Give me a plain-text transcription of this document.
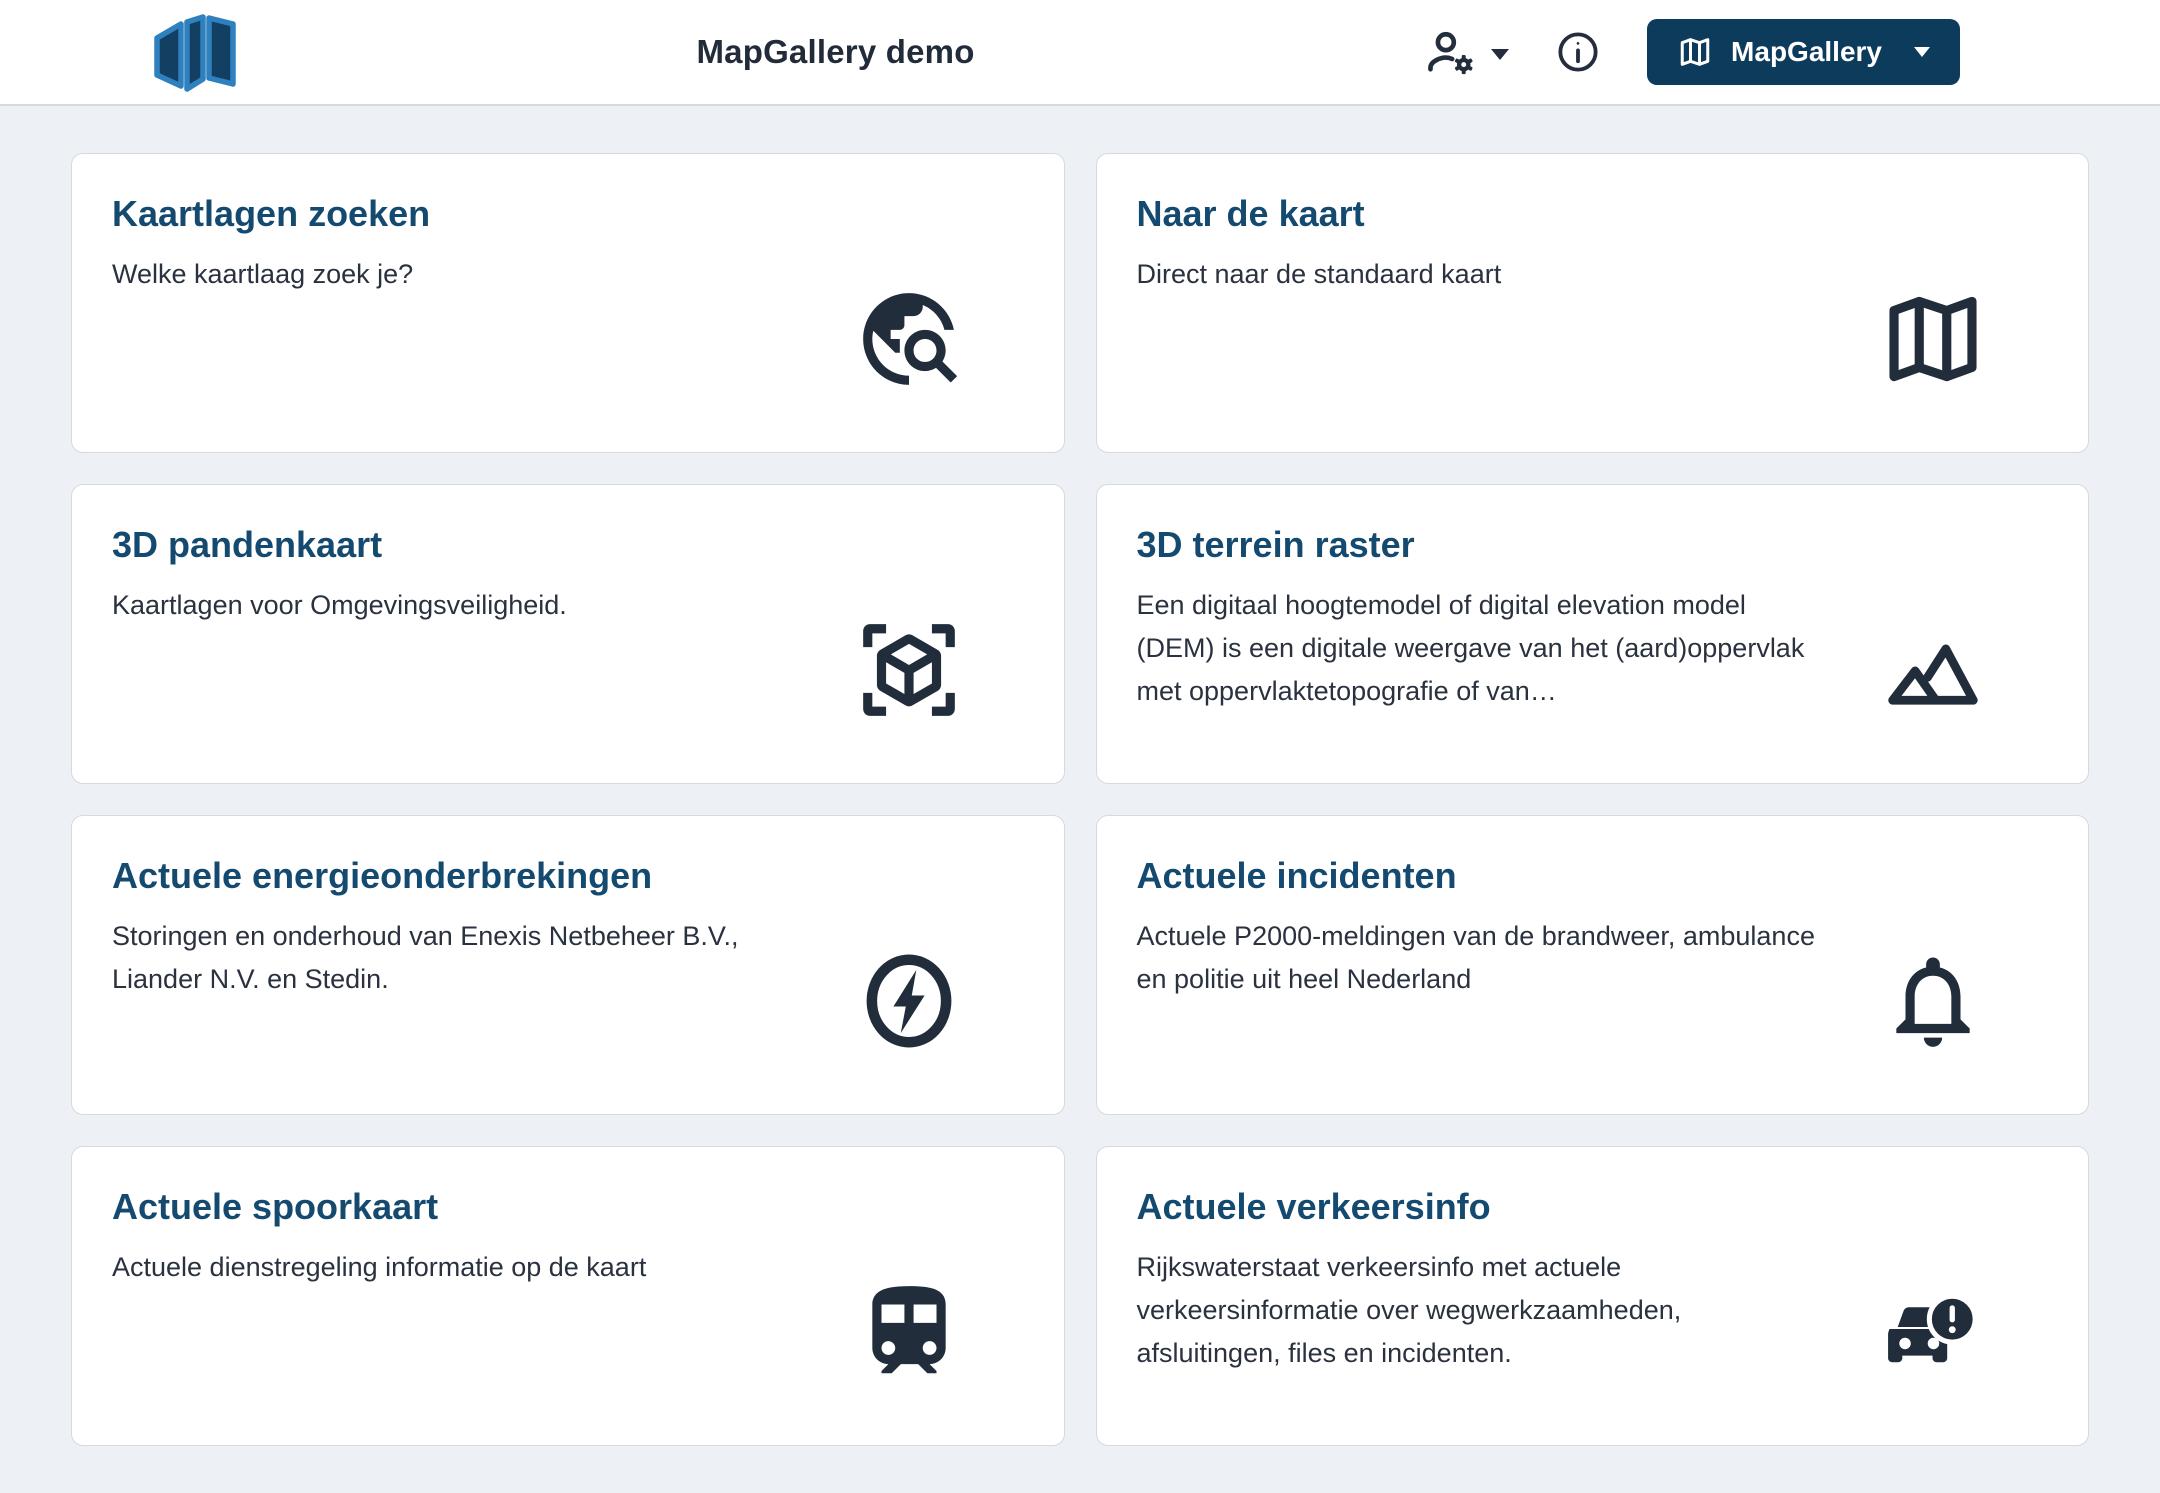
MapGallery demo	MapGallery
Kaartlagen zoeken

Welke kaartlaag zoek je?

Naar de kaart

Direct naar de standaard kaart

3D pandenkaart

Kaartlagen voor Omgevingsveiligheid.

3D terrein raster

Een digitaal hoogtemodel of digital elevation model (DEM) is een digitale weergave van het (aard)oppervlak met oppervlaktetopografie of van…

Actuele energieonderbrekingen

Storingen en onderhoud van Enexis Netbeheer B.V., Liander N.V. en Stedin.

Actuele incidenten

Actuele P2000-meldingen van de brandweer, ambulance en politie uit heel Nederland

Actuele spoorkaart

Actuele dienstregeling informatie op de kaart

Actuele verkeersinfo

Rijkswaterstaat verkeersinfo met actuele verkeersinformatie over wegwerkzaamheden, afsluitingen, files en incidenten.
